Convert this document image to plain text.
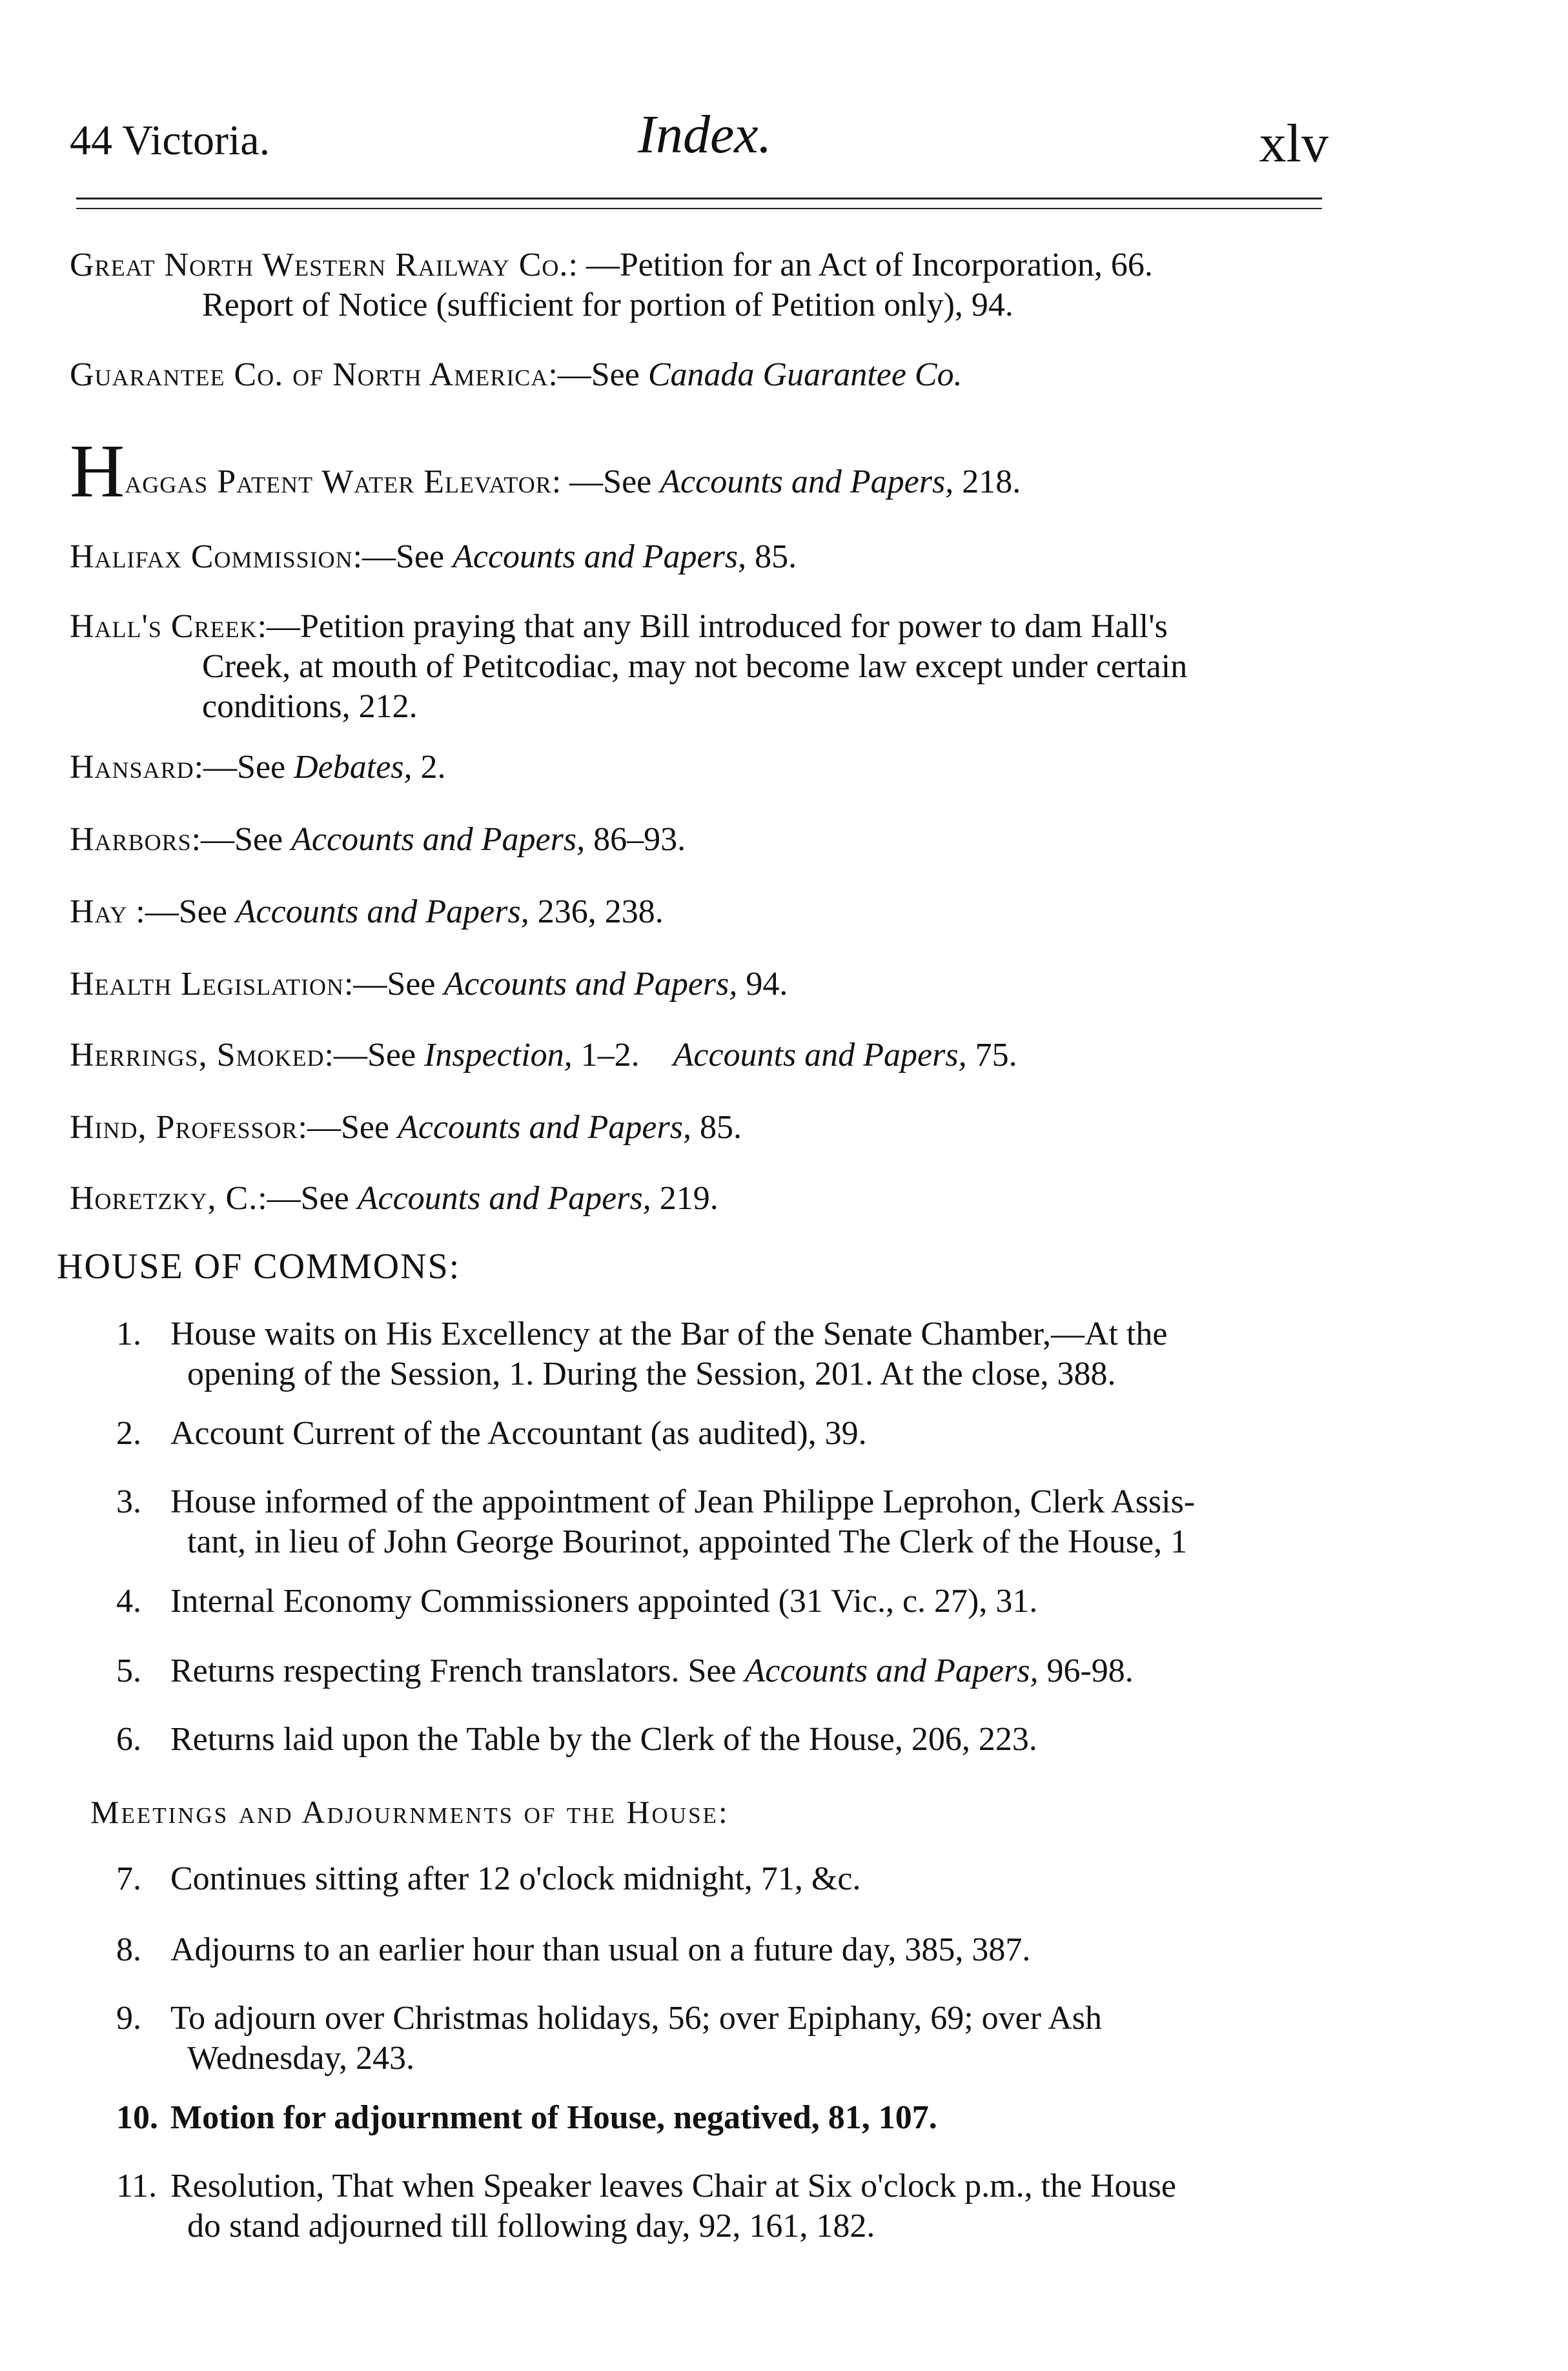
44 Victoria.	Index.	xlv
Great North Western Railway Co.: —Petition for an Act of Incorporation, 66.
Report of Notice (sufficient for portion of Petition only), 94.
Guarantee Co. of North America:—See Canada Guarantee Co.
Haggas Patent Water Elevator: —See Accounts and Papers, 218.
Halifax Commission:—See Accounts and Papers, 85.
Hall's Creek:—Petition praying that any Bill introduced for power to dam Hall's
Creek, at mouth of Petitcodiac, may not become law except under certain
conditions, 212.
Hansard:—See Debates, 2.
Harbors:—See Accounts and Papers, 86–93.
Hay :—See Accounts and Papers, 236, 238.
Health Legislation:—See Accounts and Papers, 94.
Herrings, Smoked:—See Inspection, 1–2. Accounts and Papers, 75.
Hind, Professor:—See Accounts and Papers, 85.
Horetzky, C.:—See Accounts and Papers, 219.
HOUSE OF COMMONS:
1. House waits on His Excellency at the Bar of the Senate Chamber,—At the
opening of the Session, 1. During the Session, 201. At the close, 388.
2. Account Current of the Accountant (as audited), 39.
3. House informed of the appointment of Jean Philippe Leprohon, Clerk Assis-
tant, in lieu of John George Bourinot, appointed The Clerk of the House, 1
4. Internal Economy Commissioners appointed (31 Vic., c. 27), 31.
5. Returns respecting French translators. See Accounts and Papers, 96-98.
6. Returns laid upon the Table by the Clerk of the House, 206, 223.
Meetings and Adjournments of the House:
7. Continues sitting after 12 o'clock midnight, 71, &c.
8. Adjourns to an earlier hour than usual on a future day, 385, 387.
9. To adjourn over Christmas holidays, 56; over Epiphany, 69; over Ash
Wednesday, 243.
10. Motion for adjournment of House, negatived, 81, 107.
11. Resolution, That when Speaker leaves Chair at Six o'clock p.m., the House
do stand adjourned till following day, 92, 161, 182.
